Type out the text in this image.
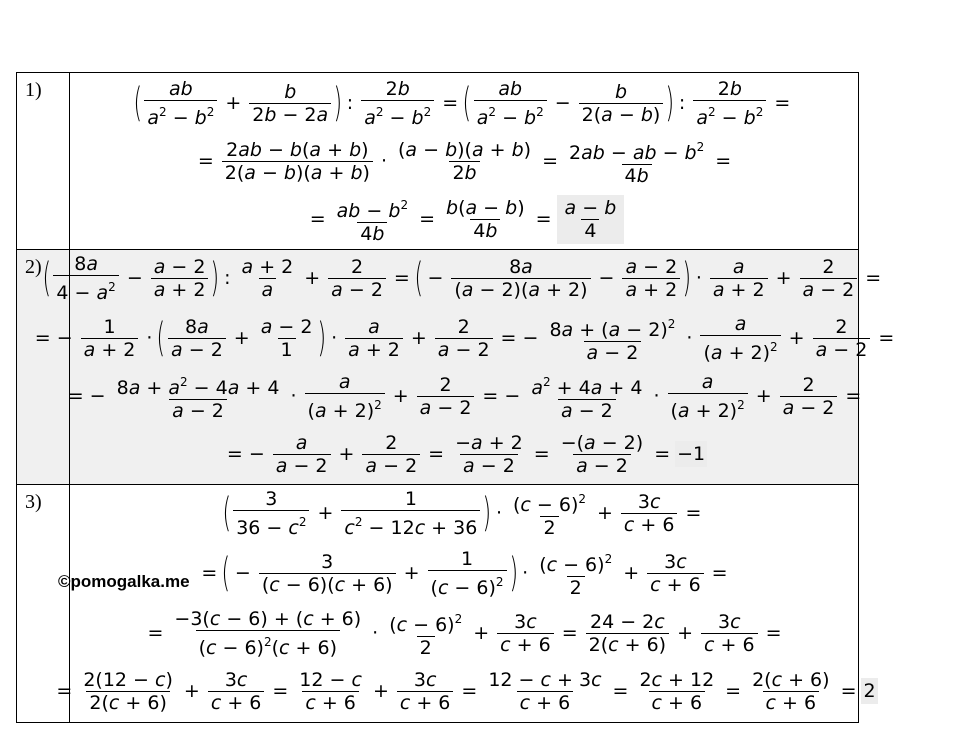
1) ( $\frac{ab}{a^2 - b^2} + \frac{b}{2b - 2a}$ ) : $\frac{2b}{a^2 - b^2}$ = ( $\frac{ab}{a^2 - b^2} - \frac{b}{2(a - b)}$ ) : $\frac{2b}{a^2 - b^2}$ =
= $\frac{2ab - b(a + b)}{2(a - b)(a + b)} \cdot \frac{(a - b)(a + b)}{2b} = \frac{2ab - ab - b^2}{4b}$ =
= $\frac{ab - b^2}{4b} = \frac{b(a - b)}{4b} = \frac{a - b}{4}$
2) ( $\frac{8a}{4 - a^2} - \frac{a - 2}{a + 2}$ ) : $\frac{a + 2}{a} + \frac{2}{a - 2}$ = ( − $\frac{8a}{(a - 2)(a + 2)} - \frac{a - 2}{a + 2}$ ) · $\frac{a}{a + 2} + \frac{2}{a - 2}$ =
= − $\frac{1}{a + 2}$ · ( $\frac{8a}{a - 2} + \frac{a - 2}{1}$ ) · $\frac{a}{a + 2} + \frac{2}{a - 2}$ = − $\frac{8a + (a - 2)^2}{a - 2} \cdot \frac{a}{(a + 2)^2} + \frac{2}{a - 2}$ =
= − $\frac{8a + a^2 - 4a + 4}{a - 2} \cdot \frac{a}{(a + 2)^2} + \frac{2}{a - 2}$ = − $\frac{a^2 + 4a + 4}{a - 2} \cdot \frac{a}{(a + 2)^2} + \frac{2}{a - 2}$ =
= − $\frac{a}{a - 2} + \frac{2}{a - 2} = \frac{-a + 2}{a - 2} = \frac{-(a - 2)}{a - 2} = -1$
3)	( $\frac{3}{36 - c^2} + \frac{1}{c^2 - 12c + 36}$ ) · $\frac{(c - 6)^2}{2} + \frac{3c}{c + 6}$ =
= ( − $\frac{3}{(c - 6)(c + 6)} + \frac{1}{(c - 6)^2}$ ) · $\frac{(c - 6)^2}{2} + \frac{3c}{c + 6}$ =
= $\frac{-3(c - 6) + (c + 6)}{(c - 6)^2(c + 6)} \cdot \frac{(c - 6)^2}{2} + \frac{3c}{c + 6} = \frac{24 - 2c}{2(c + 6)} + \frac{3c}{c + 6}$ =
= $\frac{2(12 - c)}{2(c + 6)} + \frac{3c}{c + 6} = \frac{12 - c}{c + 6} + \frac{3c}{c + 6} = \frac{12 - c + 3c}{c + 6} = \frac{2c + 12}{c + 6} = \frac{2(c + 6)}{c + 6} = 2$
©pomogalka.me
